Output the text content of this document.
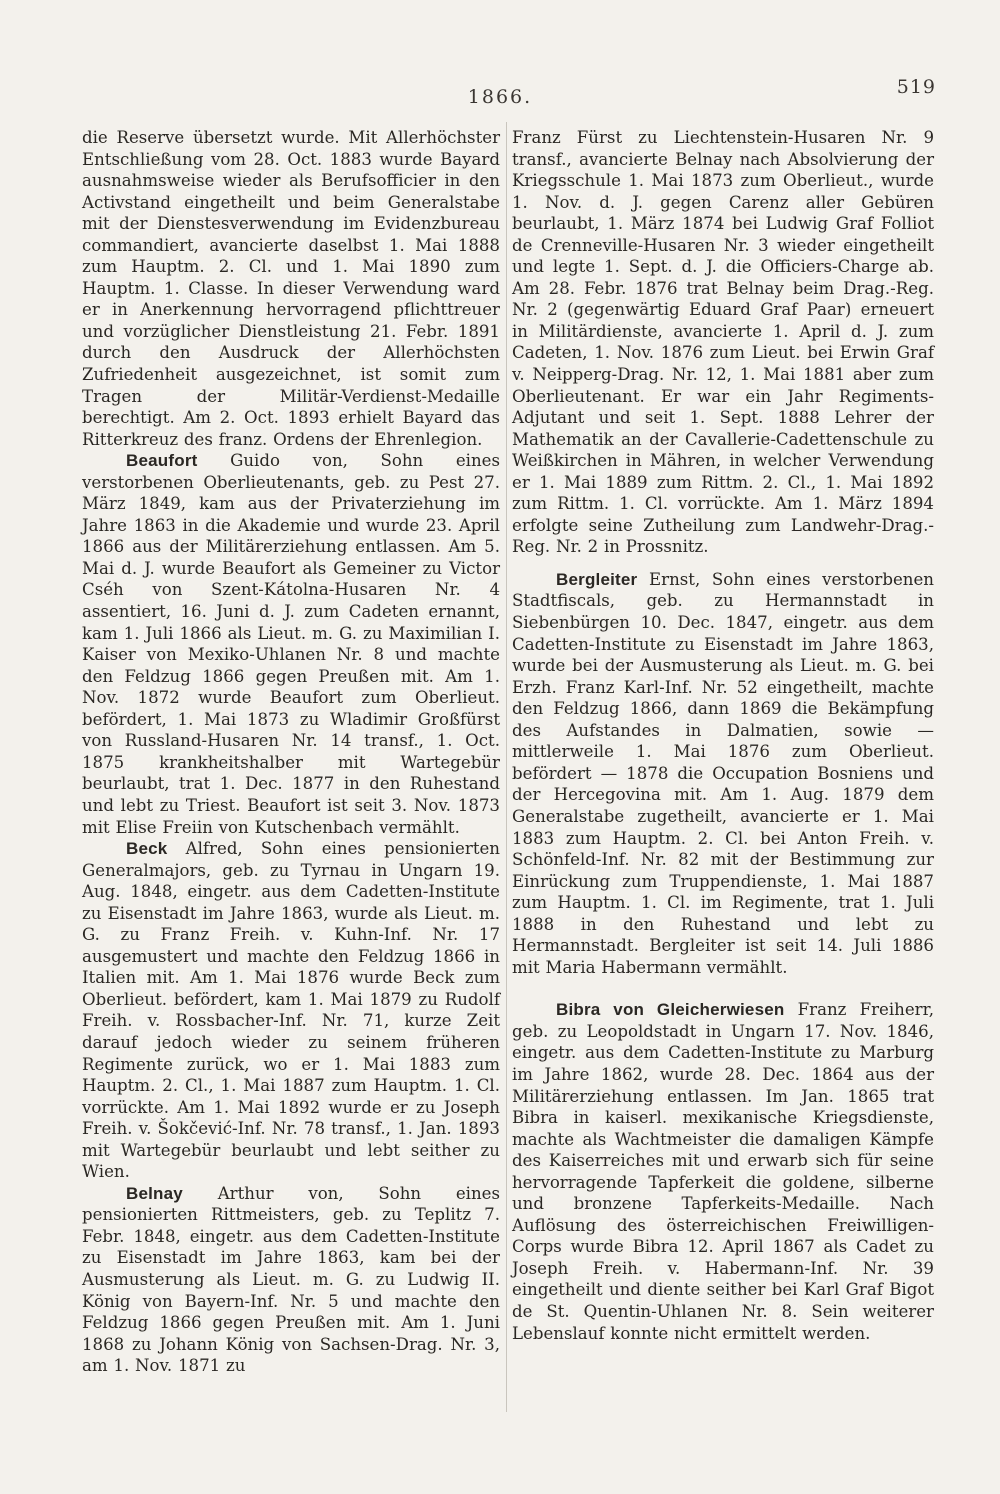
1866.	519

die Reserve übersetzt wurde. Mit Allerhöchster Entschließung vom 28. Oct. 1883 wurde Bayard ausnahmsweise wieder als Berufsofficier in den Activstand eingetheilt und beim Generalstabe mit der Dienstesverwendung im Evidenzbureau commandiert, avancierte daselbst 1. Mai 1888 zum Hauptm. 2. Cl. und 1. Mai 1890 zum Hauptm. 1. Classe. In dieser Verwendung ward er in Anerkennung hervorragend pflichttreuer und vorzüglicher Dienstleistung 21. Febr. 1891 durch den Ausdruck der Allerhöchsten Zufriedenheit ausgezeichnet, ist somit zum Tragen der Militär-Verdienst-Medaille berechtigt. Am 2. Oct. 1893 erhielt Bayard das Ritterkreuz des franz. Ordens der Ehrenlegion.

Beaufort Guido von, Sohn eines verstorbenen Oberlieutenants, geb. zu Pest 27. März 1849, kam aus der Privaterziehung im Jahre 1863 in die Akademie und wurde 23. April 1866 aus der Militärerziehung entlassen. Am 5. Mai d. J. wurde Beaufort als Gemeiner zu Victor Cséh von Szent-Kátolna-Husaren Nr. 4 assentiert, 16. Juni d. J. zum Cadeten ernannt, kam 1. Juli 1866 als Lieut. m. G. zu Maximilian I. Kaiser von Mexiko-Uhlanen Nr. 8 und machte den Feldzug 1866 gegen Preußen mit. Am 1. Nov. 1872 wurde Beaufort zum Oberlieut. befördert, 1. Mai 1873 zu Wladimir Großfürst von Russland-Husaren Nr. 14 transf., 1. Oct. 1875 krankheitshalber mit Wartegebür beurlaubt, trat 1. Dec. 1877 in den Ruhestand und lebt zu Triest. Beaufort ist seit 3. Nov. 1873 mit Elise Freiin von Kutschenbach vermählt.

Beck Alfred, Sohn eines pensionierten Generalmajors, geb. zu Tyrnau in Ungarn 19. Aug. 1848, eingetr. aus dem Cadetten-Institute zu Eisenstadt im Jahre 1863, wurde als Lieut. m. G. zu Franz Freih. v. Kuhn-Inf. Nr. 17 ausgemustert und machte den Feldzug 1866 in Italien mit. Am 1. Mai 1876 wurde Beck zum Oberlieut. befördert, kam 1. Mai 1879 zu Rudolf Freih. v. Rossbacher-Inf. Nr. 71, kurze Zeit darauf jedoch wieder zu seinem früheren Regimente zurück, wo er 1. Mai 1883 zum Hauptm. 2. Cl., 1. Mai 1887 zum Hauptm. 1. Cl. vorrückte. Am 1. Mai 1892 wurde er zu Joseph Freih. v. Šokčević-Inf. Nr. 78 transf., 1. Jan. 1893 mit Wartegebür beurlaubt und lebt seither zu Wien.

Belnay Arthur von, Sohn eines pensionierten Rittmeisters, geb. zu Teplitz 7. Febr. 1848, eingetr. aus dem Cadetten-Institute zu Eisenstadt im Jahre 1863, kam bei der Ausmusterung als Lieut. m. G. zu Ludwig II. König von Bayern-Inf. Nr. 5 und machte den Feldzug 1866 gegen Preußen mit. Am 1. Juni 1868 zu Johann König von Sachsen-Drag. Nr. 3, am 1. Nov. 1871 zu

Franz Fürst zu Liechtenstein-Husaren Nr. 9 transf., avancierte Belnay nach Absolvierung der Kriegsschule 1. Mai 1873 zum Oberlieut., wurde 1. Nov. d. J. gegen Carenz aller Gebüren beurlaubt, 1. März 1874 bei Ludwig Graf Folliot de Crenneville-Husaren Nr. 3 wieder eingetheilt und legte 1. Sept. d. J. die Officiers-Charge ab. Am 28. Febr. 1876 trat Belnay beim Drag.-Reg. Nr. 2 (gegenwärtig Eduard Graf Paar) erneuert in Militärdienste, avancierte 1. April d. J. zum Cadeten, 1. Nov. 1876 zum Lieut. bei Erwin Graf v. Neipperg-Drag. Nr. 12, 1. Mai 1881 aber zum Oberlieutenant. Er war ein Jahr Regiments-Adjutant und seit 1. Sept. 1888 Lehrer der Mathematik an der Cavallerie-Cadettenschule zu Weißkirchen in Mähren, in welcher Verwendung er 1. Mai 1889 zum Rittm. 2. Cl., 1. Mai 1892 zum Rittm. 1. Cl. vorrückte. Am 1. März 1894 erfolgte seine Zutheilung zum Landwehr-Drag.-Reg. Nr. 2 in Prossnitz.

Bergleiter Ernst, Sohn eines verstorbenen Stadtfiscals, geb. zu Hermannstadt in Siebenbürgen 10. Dec. 1847, eingetr. aus dem Cadetten-Institute zu Eisenstadt im Jahre 1863, wurde bei der Ausmusterung als Lieut. m. G. bei Erzh. Franz Karl-Inf. Nr. 52 eingetheilt, machte den Feldzug 1866, dann 1869 die Bekämpfung des Aufstandes in Dalmatien, sowie — mittlerweile 1. Mai 1876 zum Oberlieut. befördert — 1878 die Occupation Bosniens und der Hercegovina mit. Am 1. Aug. 1879 dem Generalstabe zugetheilt, avancierte er 1. Mai 1883 zum Hauptm. 2. Cl. bei Anton Freih. v. Schönfeld-Inf. Nr. 82 mit der Bestimmung zur Einrückung zum Truppendienste, 1. Mai 1887 zum Hauptm. 1. Cl. im Regimente, trat 1. Juli 1888 in den Ruhestand und lebt zu Hermannstadt. Bergleiter ist seit 14. Juli 1886 mit Maria Habermann vermählt.

Bibra von Gleicherwiesen Franz Freiherr, geb. zu Leopoldstadt in Ungarn 17. Nov. 1846, eingetr. aus dem Cadetten-Institute zu Marburg im Jahre 1862, wurde 28. Dec. 1864 aus der Militärerziehung entlassen. Im Jan. 1865 trat Bibra in kaiserl. mexikanische Kriegsdienste, machte als Wachtmeister die damaligen Kämpfe des Kaiserreiches mit und erwarb sich für seine hervorragende Tapferkeit die goldene, silberne und bronzene Tapferkeits-Medaille. Nach Auflösung des österreichischen Freiwilligen-Corps wurde Bibra 12. April 1867 als Cadet zu Joseph Freih. v. Habermann-Inf. Nr. 39 eingetheilt und diente seither bei Karl Graf Bigot de St. Quentin-Uhlanen Nr. 8. Sein weiterer Lebenslauf konnte nicht ermittelt werden.
